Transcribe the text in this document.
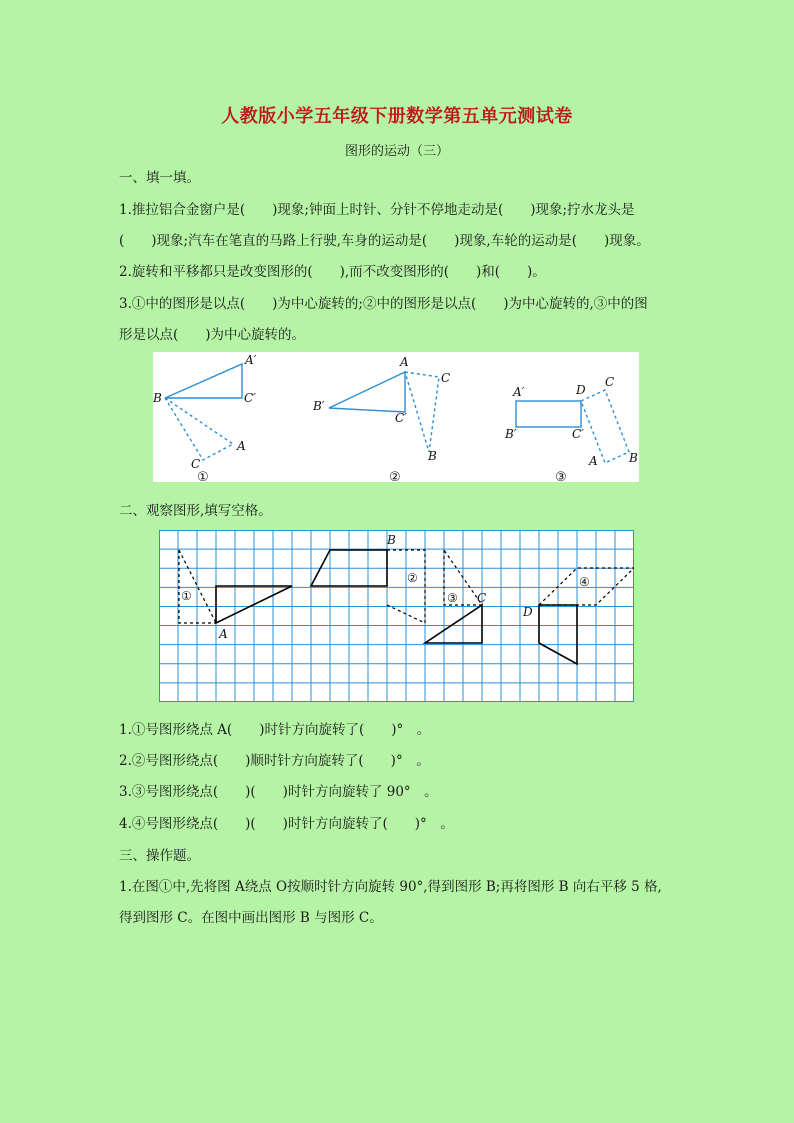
人教版小学五年级下册数学第五单元测试卷
图形的运动（三）
一、填一填。
1.推拉铝合金窗户是(　　)现象;钟面上时针、分针不停地走动是(　　)现象;拧水龙头是
(　　)现象;汽车在笔直的马路上行驶,车身的运动是(　　)现象,车轮的运动是(　　)现象。
2.旋转和平移都只是改变图形的(　　),而不改变图形的(　　)和(　　)。
3.①中的图形是以点(　　)为中心旋转的;②中的图形是以点(　　)为中心旋转的,③中的图
形是以点(　　)为中心旋转的。
A′
B	C′
A
C
A
C
B′
C′
B
A′	D
C
B′	C′
A	B
①	②	③
二、观察图形,填写空格。
①
A
B
②
③ C
D
④
1.①号图形绕点 A(　　)时针方向旋转了(　　)°　。
2.②号图形绕点(　　)顺时针方向旋转了(　　)°　。
3.③号图形绕点(　　)(　　)时针方向旋转了 90°　。
4.④号图形绕点(　　)(　　)时针方向旋转了(　　)°　。
三、操作题。
1.在图①中,先将图 A绕点 O按顺时针方向旋转 90°,得到图形 B;再将图形 B 向右平移 5 格,
得到图形 C。在图中画出图形 B 与图形 C。
